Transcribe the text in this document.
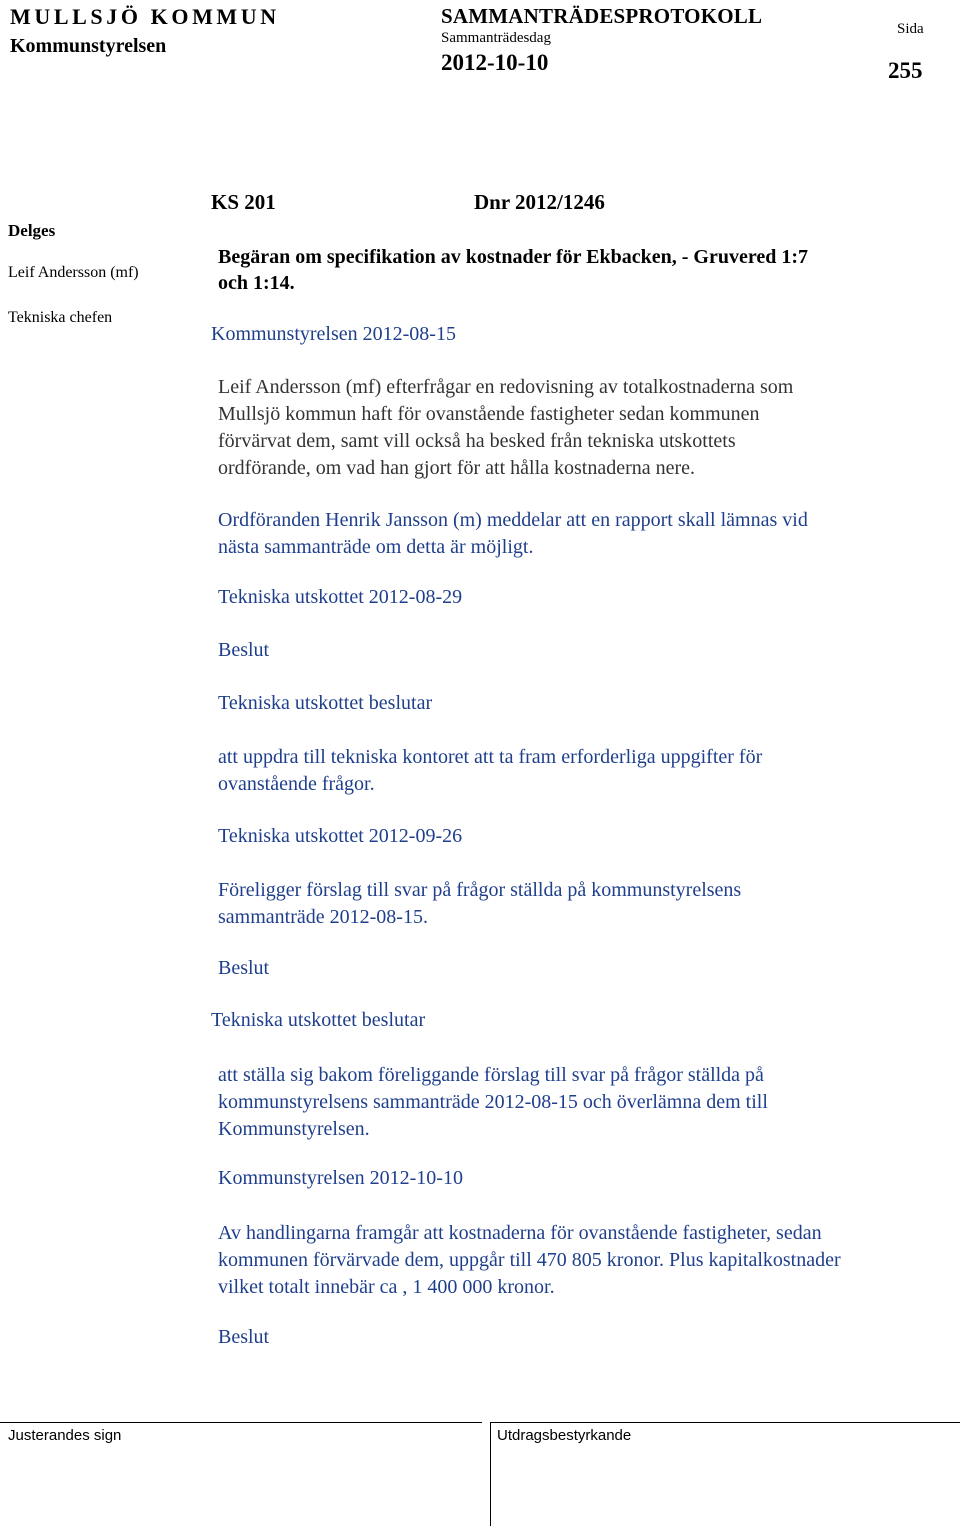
MULLSJÖ KOMMUN
Kommunstyrelsen
SAMMANTRÄDESPROTOKOLL
Sammanträdesdag
2012-10-10
Sida
255
Delges
Leif Andersson (mf)
Tekniska chefen
KS 201	Dnr 2012/1246
Begäran om specifikation av kostnader för Ekbacken, - Gruvered 1:7
och 1:14.
Kommunstyrelsen 2012-08-15
Leif Andersson (mf) efterfrågar en redovisning av totalkostnaderna som
Mullsjö kommun haft för ovanstående fastigheter sedan kommunen
förvärvat dem, samt vill också ha besked från tekniska utskottets
ordförande, om vad han gjort för att hålla kostnaderna nere.
Ordföranden Henrik Jansson (m) meddelar att en rapport skall lämnas vid
nästa sammanträde om detta är möjligt.
Tekniska utskottet 2012-08-29
Beslut
Tekniska utskottet beslutar
att uppdra till tekniska kontoret att ta fram erforderliga uppgifter för
ovanstående frågor.
Tekniska utskottet 2012-09-26
Föreligger förslag till svar på frågor ställda på kommunstyrelsens
sammanträde 2012-08-15.
Beslut
Tekniska utskottet beslutar
att ställa sig bakom föreliggande förslag till svar på frågor ställda på
kommunstyrelsens sammanträde 2012-08-15 och överlämna dem till
Kommunstyrelsen.
Kommunstyrelsen 2012-10-10
Av handlingarna framgår att kostnaderna för ovanstående fastigheter, sedan
kommunen förvärvade dem, uppgår till 470 805 kronor. Plus kapitalkostnader
vilket totalt innebär ca , 1 400 000 kronor.
Beslut
Justerandes sign	Utdragsbestyrkande
